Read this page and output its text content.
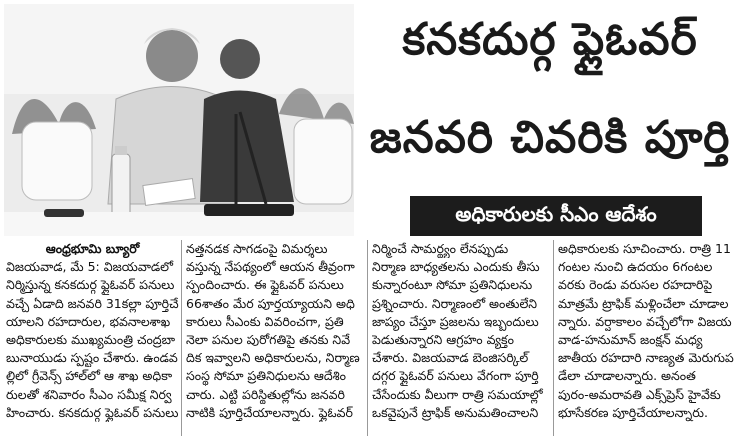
కనకదుర్గ ఫ్లైఓవర్
జనవరి చివరికి పూర్తి
అధికారులకు సీఎం ఆదేశం
ఆంధ్రభూమి బ్యూరో
విజయవాడ, మే 5: విజయవాడలో
నిర్మిస్తున్న కనకదుర్గ ఫ్లైఓవర్ పనులు
వచ్చే ఏడాది జనవరి 31కల్లా పూర్తిచే
యాలని రహదారుల, భవనాలశాఖ
అధికారులకు ముఖ్యమంత్రి చంద్రబా
బునాయుడు స్పష్టం చేశారు. ఉండవ
ల్లిలో గ్రీవెన్స్ హాల్‌లో ఆ శాఖ అధికా
రులతో శనివారం సీఎం సమీక్ష నిర్వ
హించారు. కనకదుర్గ ఫ్లైఓవర్ పనులు
నత్తనడక సాగడంపై విమర్శలు
వస్తున్న నేపథ్యంలో ఆయన తీవ్రంగా
స్పందించారు. ఈ ఫ్లైఓవర్ పనులు
66శాతం మేర పూర్తయ్యాయని అధి
కారులు సీఎంకు వివరించగా, ప్రతి
నెలా పనుల పురోగతిపై తనకు నివే
దిక ఇవ్వాలని అధికారులను, నిర్మాణ
సంస్థ సోమా ప్రతినిధులను ఆదేశిం
చారు. ఎట్టి పరిస్థితుల్లోను జనవరి
నాటికి పూర్తిచేయాలన్నారు. ఫ్లైఓవర్
నిర్మించే సామర్థ్యం లేనప్పుడు
నిర్మాణ బాధ్యతలను ఎందుకు తీసు
కున్నారంటూ సోమా ప్రతినిధులను
ప్రశ్నించారు. నిర్మాణంలో అంతులేని
జాప్యం చేస్తూ ప్రజలను ఇబ్బందులు
పెడుతున్నారని ఆగ్రహం వ్యక్తం
చేశారు. విజయవాడ బెంజిసర్కిల్
దగ్గర ఫ్లైఓవర్ పనులు వేగంగా పూర్తి
చేసేందుకు వీలుగా రాత్రి సమయాల్లో
ఒకవైపునే ట్రాఫిక్ అనుమతించాలని
అధికారులకు సూచించారు. రాత్రి 11
గంటల నుంచి ఉదయం 6గంటల
వరకు రెండు వరుసల రహదారిపై
మాత్రమే ట్రాఫిక్ మళ్లించేలా చూడాల
న్నారు. వర్షాకాలం వచ్చేలోగా విజయ
వాడ-హనుమాన్ జంక్షన్ మధ్య
జాతీయ రహదారి నాణ్యత మెరుగుప
డేలా చూడాలన్నారు. అనంత
పురం-అమరావతి ఎక్స్‌ప్రెస్ హైవేకు
భూసేకరణ పూర్తిచేయాలన్నారు.
